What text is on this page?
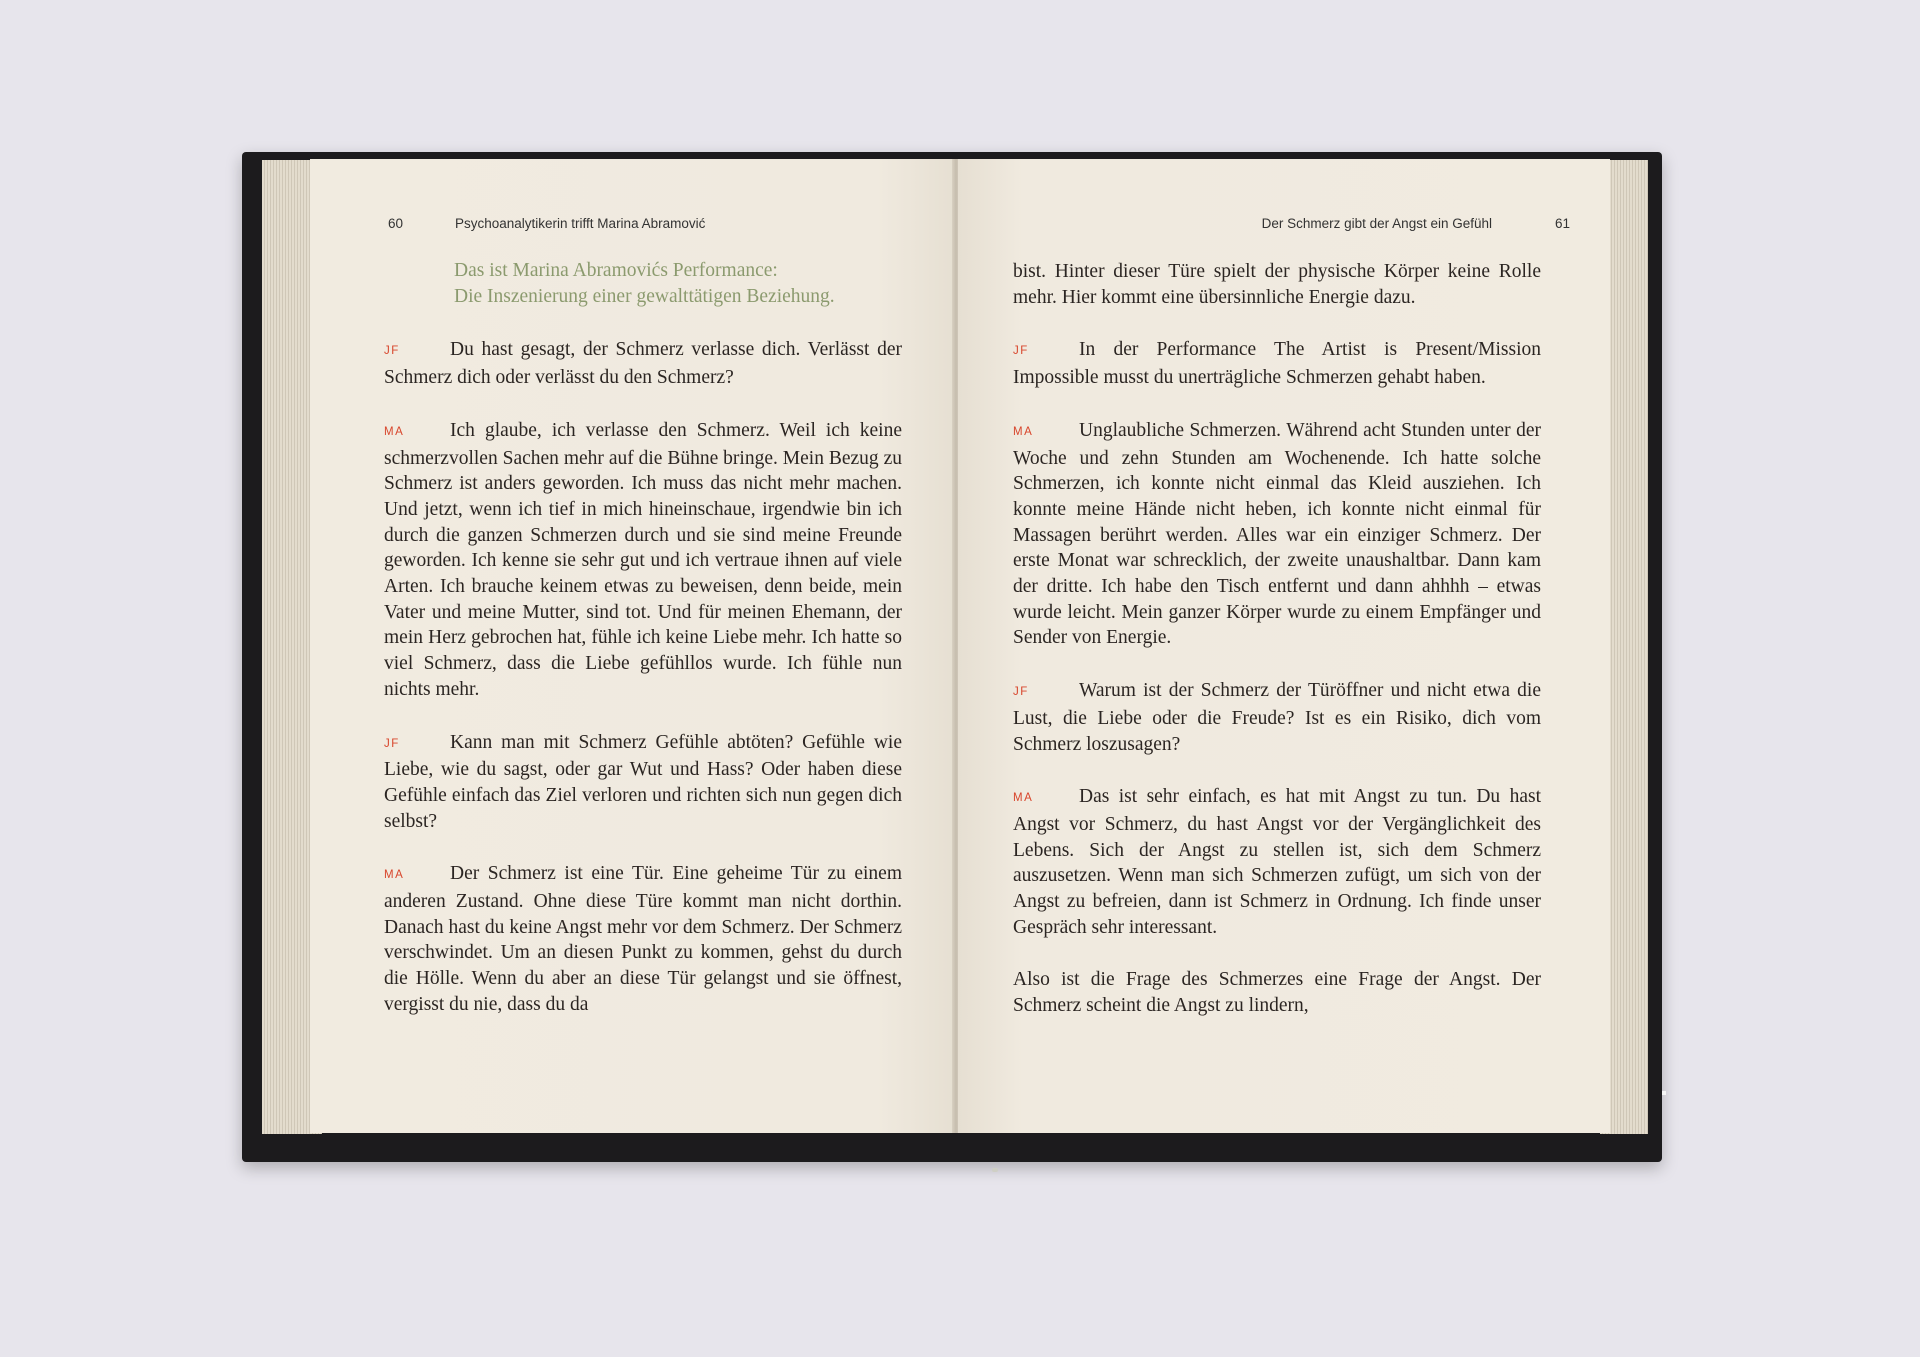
60	Psychoanalytikerin trifft Marina Abramović
Das ist Marina Abramovićs Performance:
Die Inszenierung einer gewalttätigen Beziehung.

JF	Du hast gesagt, der Schmerz verlasse dich. Verlässt der Schmerz dich oder verlässt du den Schmerz?

MA Ich glaube, ich verlasse den Schmerz. Weil ich keine schmerzvollen Sachen mehr auf die Bühne bringe. Mein Bezug zu Schmerz ist anders geworden. Ich muss das nicht mehr machen. Und jetzt, wenn ich tief in mich hineinschaue, irgendwie bin ich durch die ganzen Schmerzen durch und sie sind meine Freunde geworden. Ich kenne sie sehr gut und ich vertraue ihnen auf viele Arten. Ich brauche keinem etwas zu beweisen, denn beide, mein Vater und meine Mutter, sind tot. Und für meinen Ehemann, der mein Herz gebrochen hat, fühle ich keine Liebe mehr. Ich hatte so viel Schmerz, dass die Liebe gefühllos wurde. Ich fühle nun nichts mehr.

JF	Kann man mit Schmerz Gefühle abtöten? Gefühle wie Liebe, wie du sagst, oder gar Wut und Hass? Oder haben diese Gefühle einfach das Ziel verloren und richten sich nun gegen dich selbst?

MA Der Schmerz ist eine Tür. Eine geheime Tür zu einem anderen Zustand. Ohne diese Türe kommt man nicht dorthin. Danach hast du keine Angst mehr vor dem Schmerz. Der Schmerz verschwindet. Um an diesen Punkt zu kommen, gehst du durch die Hölle. Wenn du aber an diese Tür gelangst und sie öffnest, vergisst du nie, dass du da

Der Schmerz gibt der Angst ein Gefühl	61

bist. Hinter dieser Türe spielt der physische Körper keine Rolle mehr. Hier kommt eine übersinnliche Energie dazu.

JF	In der Performance The Artist is Present/Mission Impossible musst du unerträgliche Schmerzen gehabt haben.

MA Unglaubliche Schmerzen. Während acht Stunden unter der Woche und zehn Stunden am Wochenende. Ich hatte solche Schmerzen, ich konnte nicht einmal das Kleid ausziehen. Ich konnte meine Hände nicht heben, ich konnte nicht einmal für Massagen berührt werden. Alles war ein einziger Schmerz. Der erste Monat war schrecklich, der zweite unaushaltbar. Dann kam der dritte. Ich habe den Tisch entfernt und dann ahhhh – etwas wurde leicht. Mein ganzer Körper wurde zu einem Empfänger und Sender von Energie.

JF	Warum ist der Schmerz der Türöffner und nicht etwa die Lust, die Liebe oder die Freude? Ist es ein Risiko, dich vom Schmerz loszusagen?

MA Das ist sehr einfach, es hat mit Angst zu tun. Du hast Angst vor Schmerz, du hast Angst vor der Vergänglichkeit des Lebens. Sich der Angst zu stellen ist, sich dem Schmerz auszusetzen. Wenn man sich Schmerzen zufügt, um sich von der Angst zu befreien, dann ist Schmerz in Ordnung. Ich finde unser Gespräch sehr interessant.

Also ist die Frage des Schmerzes eine Frage der Angst. Der Schmerz scheint die Angst zu lindern,
